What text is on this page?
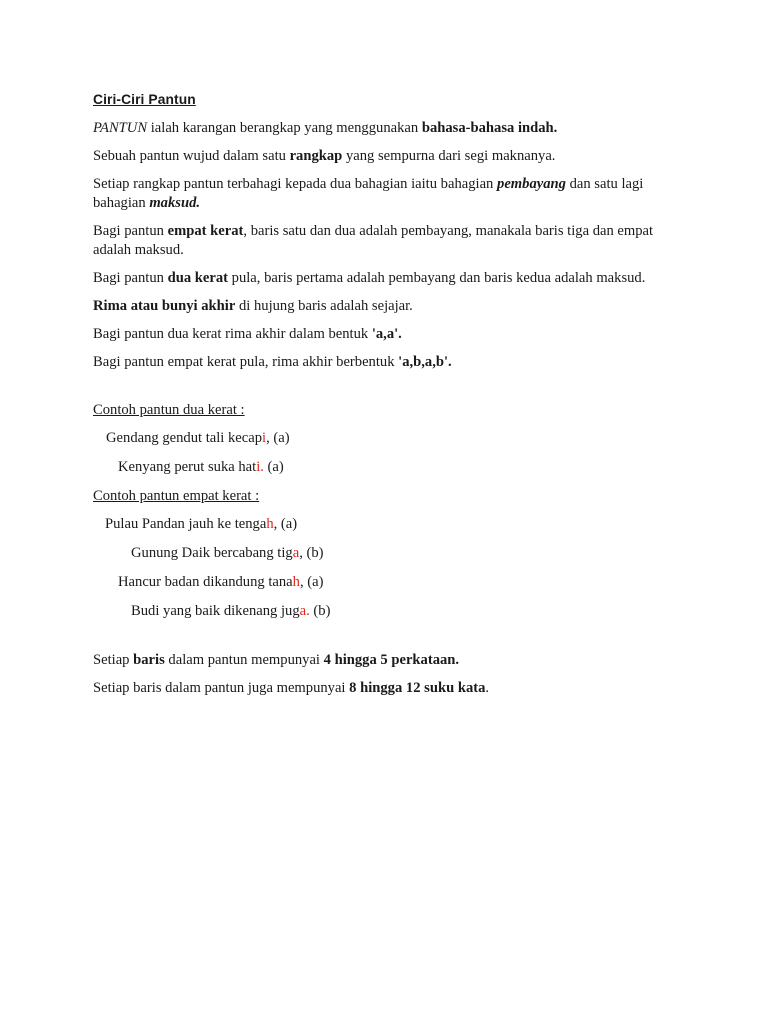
Ciri-Ciri Pantun
PANTUN ialah karangan berangkap yang menggunakan bahasa-bahasa indah.
Sebuah pantun wujud dalam satu rangkap yang sempurna dari segi maknanya.
Setiap rangkap pantun terbahagi kepada dua bahagian iaitu bahagian pembayang dan satu lagi bahagian maksud.
Bagi pantun empat kerat, baris satu dan dua adalah pembayang, manakala baris tiga dan empat adalah maksud.
Bagi pantun dua kerat pula, baris pertama adalah pembayang dan baris kedua adalah maksud.
Rima atau bunyi akhir di hujung baris adalah sejajar.
Bagi pantun dua kerat rima akhir dalam bentuk 'a,a'.
Bagi pantun empat kerat pula, rima akhir berbentuk 'a,b,a,b'.
Contoh pantun dua kerat :
Gendang gendut tali kecapi, (a)
Kenyang perut suka hati. (a)
Contoh pantun empat kerat :
Pulau Pandan jauh ke tengah, (a)
Gunung Daik bercabang tiga, (b)
Hancur badan dikandung tanah, (a)
Budi yang baik dikenang juga. (b)
Setiap baris dalam pantun mempunyai 4 hingga 5 perkataan.
Setiap baris dalam pantun juga mempunyai 8 hingga 12 suku kata.
